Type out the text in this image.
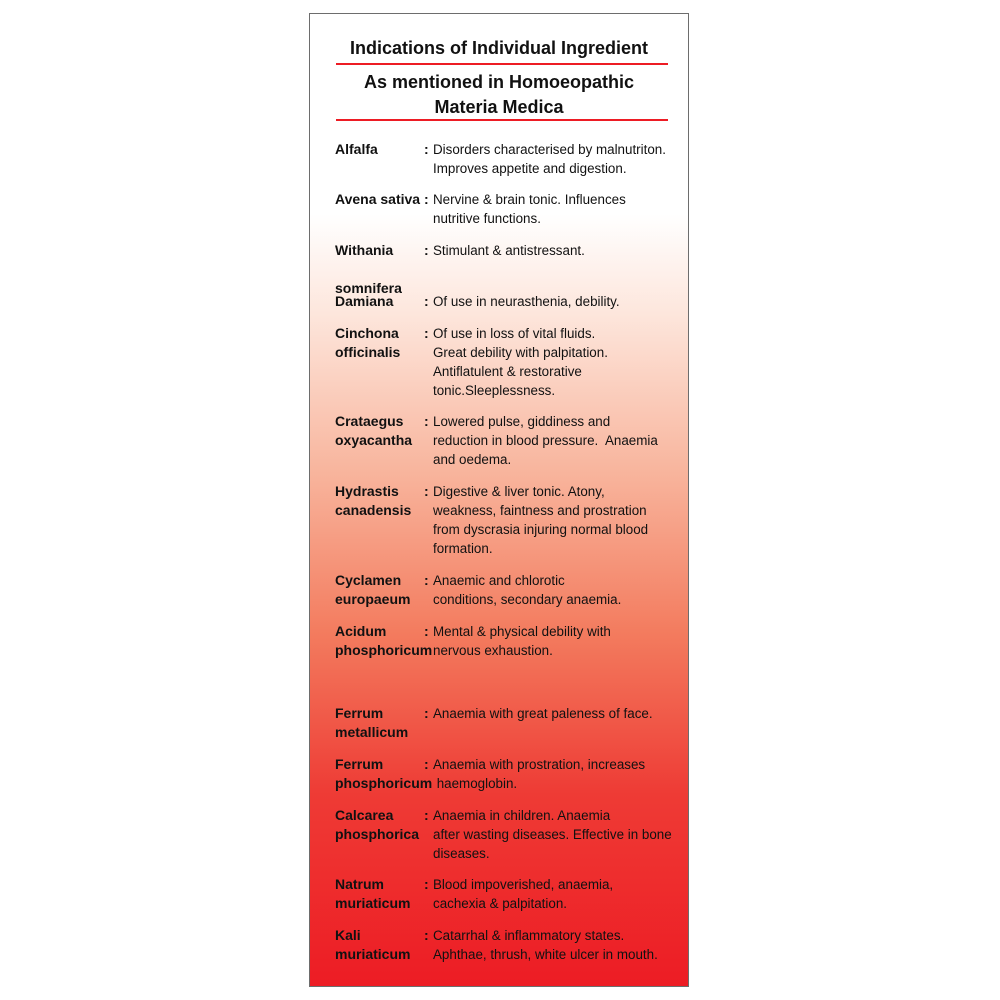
Indications of Individual Ingredient
As mentioned in Homoeopathic
Materia Medica

Alfalfa	: Disorders characterised by malnutriton.
Improves appetite and digestion.

Avena sativa : Nervine & brain tonic. Influences
nutritive functions.

Withania

somnifera

: Stimulant & antistressant.

Damiana	: Of use in neurasthenia, debility.

Cinchona
officinalis

: Of use in loss of vital fluids.
Great debility with palpitation.
Antiflatulent & restorative
tonic.Sleeplessness.

Crataegus
oxyacantha

: Lowered pulse, giddiness and
reduction in blood pressure.  Anaemia
and oedema.

Hydrastis
canadensis

: Digestive & liver tonic. Atony,
weakness, faintness and prostration
from dyscrasia injuring normal blood
formation.

Cyclamen
europaeum

: Anaemic and chlorotic
conditions, secondary anaemia.

Acidum
phosphoricum

: Mental & physical debility with
nervous exhaustion.

Ferrum
metallicum

: Anaemia with great paleness of face.

Ferrum
phosphoricum

: Anaemia with prostration, increases
haemoglobin.

Calcarea
phosphorica

: Anaemia in children. Anaemia
after wasting diseases. Effective in bone
diseases.

Natrum
muriaticum

: Blood impoverished, anaemia,
cachexia & palpitation.

Kali
muriaticum

: Catarrhal & inflammatory states.
Aphthae, thrush, white ulcer in mouth.
